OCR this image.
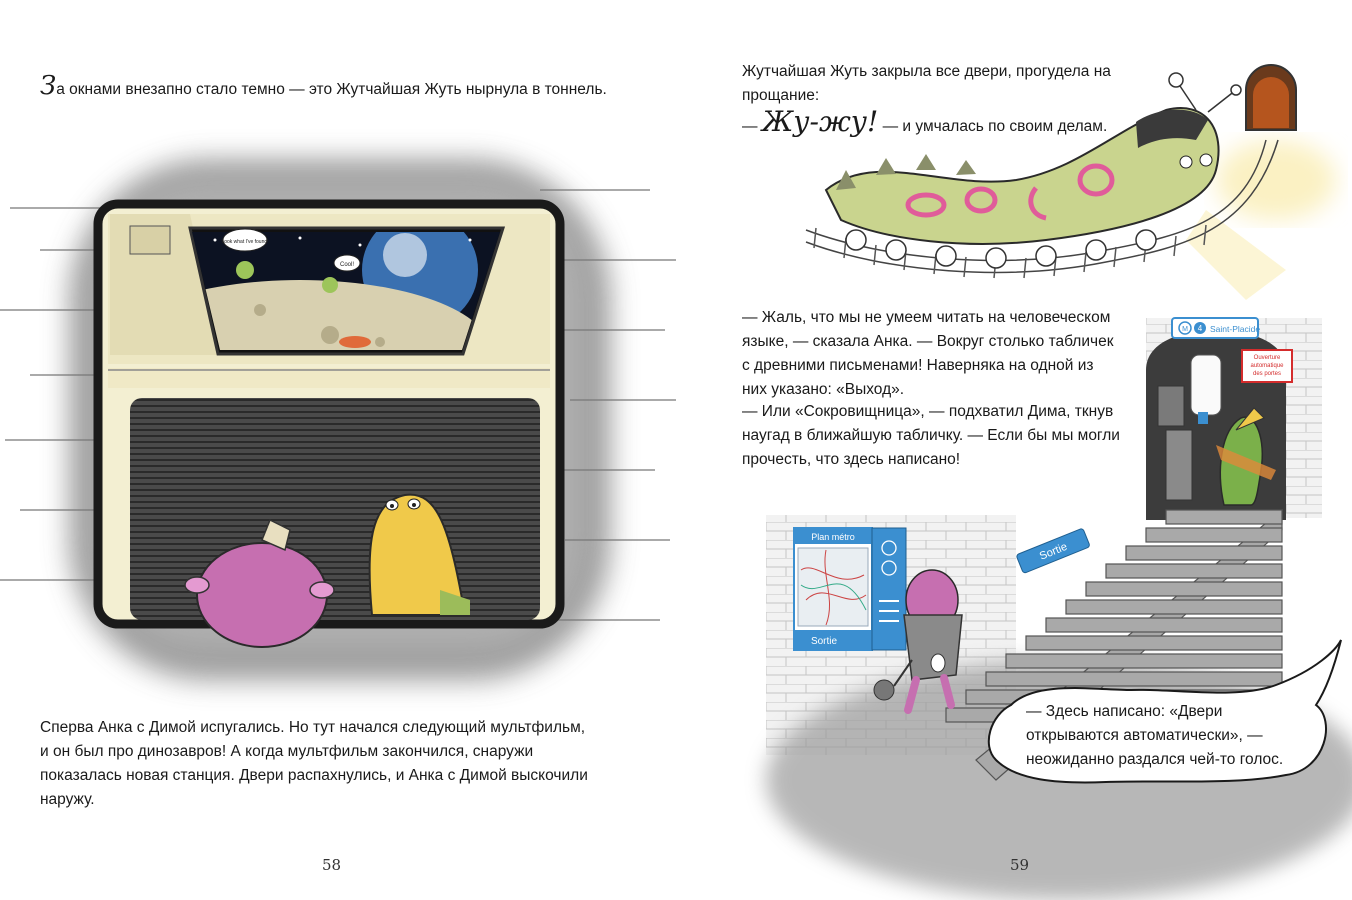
За окнами внезапно стало темно — это Жутчайшая Жуть нырнула в тоннель.
Look what I've found!
Cool!
Сперва Анка с Димой испугались. Но тут начался следующий мультфильм,
и он был про динозавров! А когда мультфильм закончился, снаружи
показалась новая станция. Двери распахнулись, и Анка с Димой выскочили
наружу.
58
Жутчайшая Жуть закрыла все двери, прогудела на
прощание:
— Жу-жу! — и умчалась по своим делам.
— Жаль, что мы не умеем читать на человеческом
языке, — сказала Анка. — Вокруг столько табличек
с древними письменами! Наверняка на одной из
них указано: «Выход».
— Или «Сокровищница», — подхватил Дима, ткнув
наугад в ближайшую табличку. — Если бы мы могли
прочесть, что здесь написано!
M 4 Saint-Placide
Ouverture
automatique
des portes
Sortie
Plan métro
Sortie
— Здесь написано: «Двери
открываются автоматически», —
неожиданно раздался чей-то голос.
59
